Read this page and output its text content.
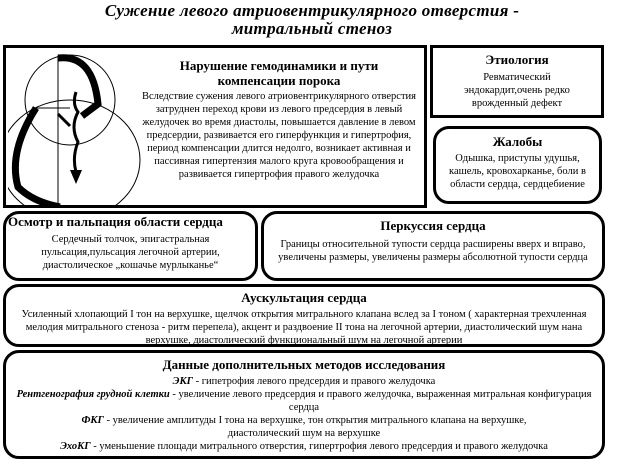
Сужение левого атриовентрикулярного отверстия -
митральный стеноз
Нарушение гемодинамики и пути компенсации порока

Вследствие сужения левого атриовентрикулярного отверстия затруднен переход крови из левого предсердия в левый желудочек во время диастолы, повышается давление в левом предсердии, развивается его гиперфункция и гипертрофия, период компенсации длится недолго, возникает активная и пассивная гипертензия малого круга кровообращения и развивается гипертрофия правого желудочка

Этиология

Ревматический эндокардит,очень редко врожденный дефект

Жалобы

Одышка, приступы удушья, кашель, кровохарканье, боли в области сердца, сердцебиение

Осмотр и пальпация области сердца

Сердечный толчок, эпигастральная пульсация,пульсация легочной артерии, диастолическое „кошачье мурлыканье“

Перкуссия сердца

Границы относительной тупости сердца расширены вверх и вправо, увеличены размеры, увеличены размеры абсолютной тупости сердца

Аускультация сердца

Усиленный хлопающий I тон на верхушке, щелчок открытия митрального клапана вслед за I тоном ( характерная трехчленная мелодия митрального стеноза - ритм перепела), акцент и раздвоение II тона на легочной артерии, диастолический шум нана верхушке, диастолический функциональный шум на легочной артерии

Данные дополнительных методов исследования

ЭКГ - гипетрофия левого предсердия и правого желудочка

Рентгенография грудной клетки - увеличение левого предсердия и правого желудочка, выраженная митральная конфигурация сердца

ФКГ - увеличение амплитуды I тона на верхушке, тон открытия митрального клапана на верхушке, диастолический шум на верхушке

ЭхоКГ - уменьшение площади митрального отверстия, гипертрофия левого предсердия и правого желудочка
